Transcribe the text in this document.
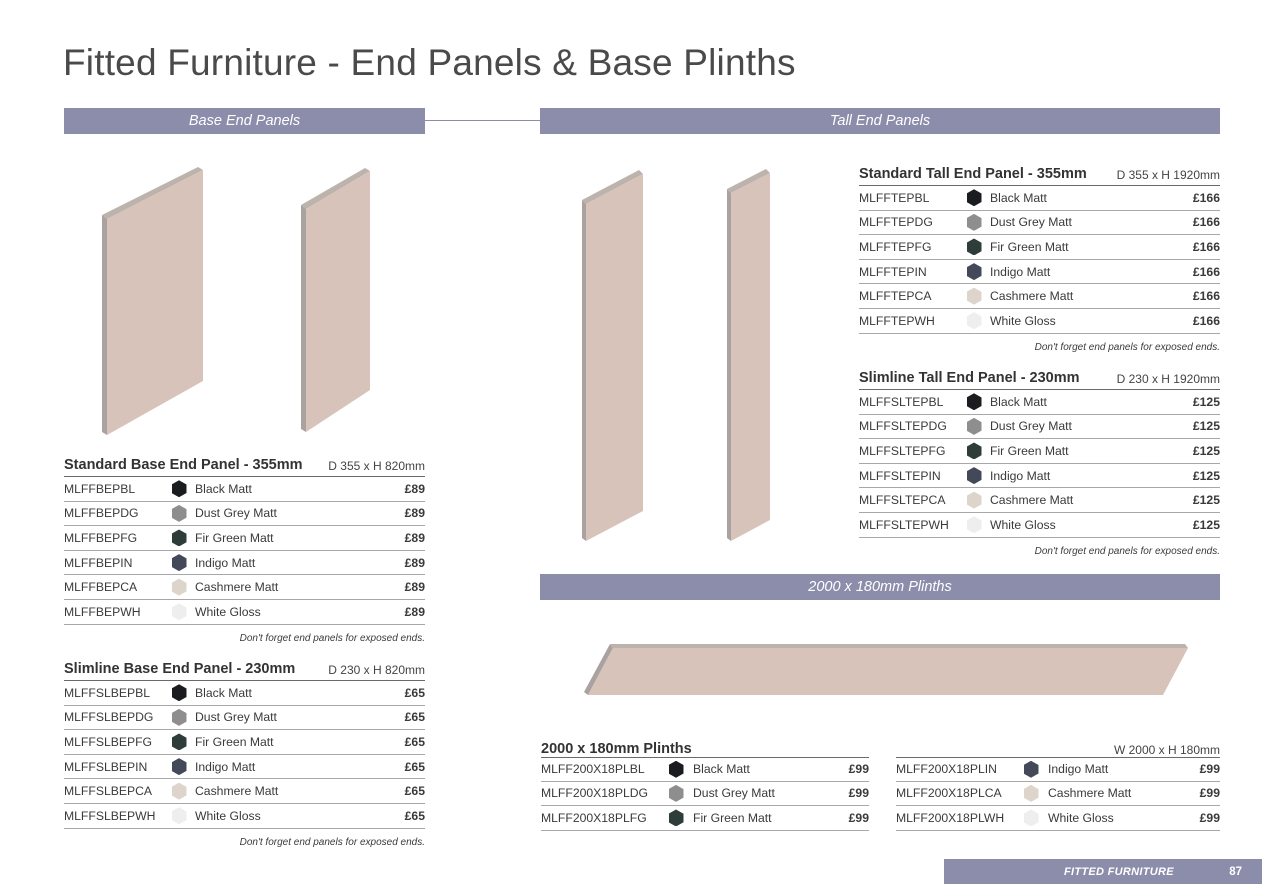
Fitted Furniture - End Panels & Base Plinths
Base End Panels	Tall End Panels
2000 x 180mm Plinths
Standard Base End Panel - 355mm D 355 x H 820mm
MLFFBEPBL	Black Matt	£89
MLFFBEPDG	Dust Grey Matt	£89
MLFFBEPFG	Fir Green Matt	£89
MLFFBEPIN	Indigo Matt	£89
MLFFBEPCA	Cashmere Matt	£89
MLFFBEPWH	White Gloss	£89
Don't forget end panels for exposed ends.
Slimline Base End Panel - 230mm	D 230 x H 820mm
MLFFSLBEPBL	Black Matt	£65
MLFFSLBEPDG	Dust Grey Matt	£65
MLFFSLBEPFG	Fir Green Matt	£65
MLFFSLBEPIN	Indigo Matt	£65
MLFFSLBEPCA	Cashmere Matt	£65
MLFFSLBEPWH	White Gloss	£65
Don't forget end panels for exposed ends.
Standard Tall End Panel - 355mm D 355 x H 1920mm
MLFFTEPBL	Black Matt	£166
MLFFTEPDG	Dust Grey Matt	£166
MLFFTEPFG	Fir Green Matt	£166
MLFFTEPIN	Indigo Matt	£166
MLFFTEPCA	Cashmere Matt	£166
MLFFTEPWH	White Gloss	£166
Don't forget end panels for exposed ends.
Slimline Tall End Panel - 230mm	D 230 x H 1920mm
MLFFSLTEPBL	Black Matt	£125
MLFFSLTEPDG	Dust Grey Matt	£125
MLFFSLTEPFG	Fir Green Matt	£125
MLFFSLTEPIN	Indigo Matt	£125
MLFFSLTEPCA	Cashmere Matt	£125
MLFFSLTEPWH	White Gloss	£125
Don't forget end panels for exposed ends.
2000 x 180mm Plinths	W 2000 x H 180mm
MLFF200X18PLBL	Black Matt	£99
MLFF200X18PLDG	Dust Grey Matt	£99
MLFF200X18PLFG	Fir Green Matt	£99
MLFF200X18PLIN	Indigo Matt	£99
MLFF200X18PLCA	Cashmere Matt	£99
MLFF200X18PLWH	White Gloss	£99
FITTED FURNITURE	87
